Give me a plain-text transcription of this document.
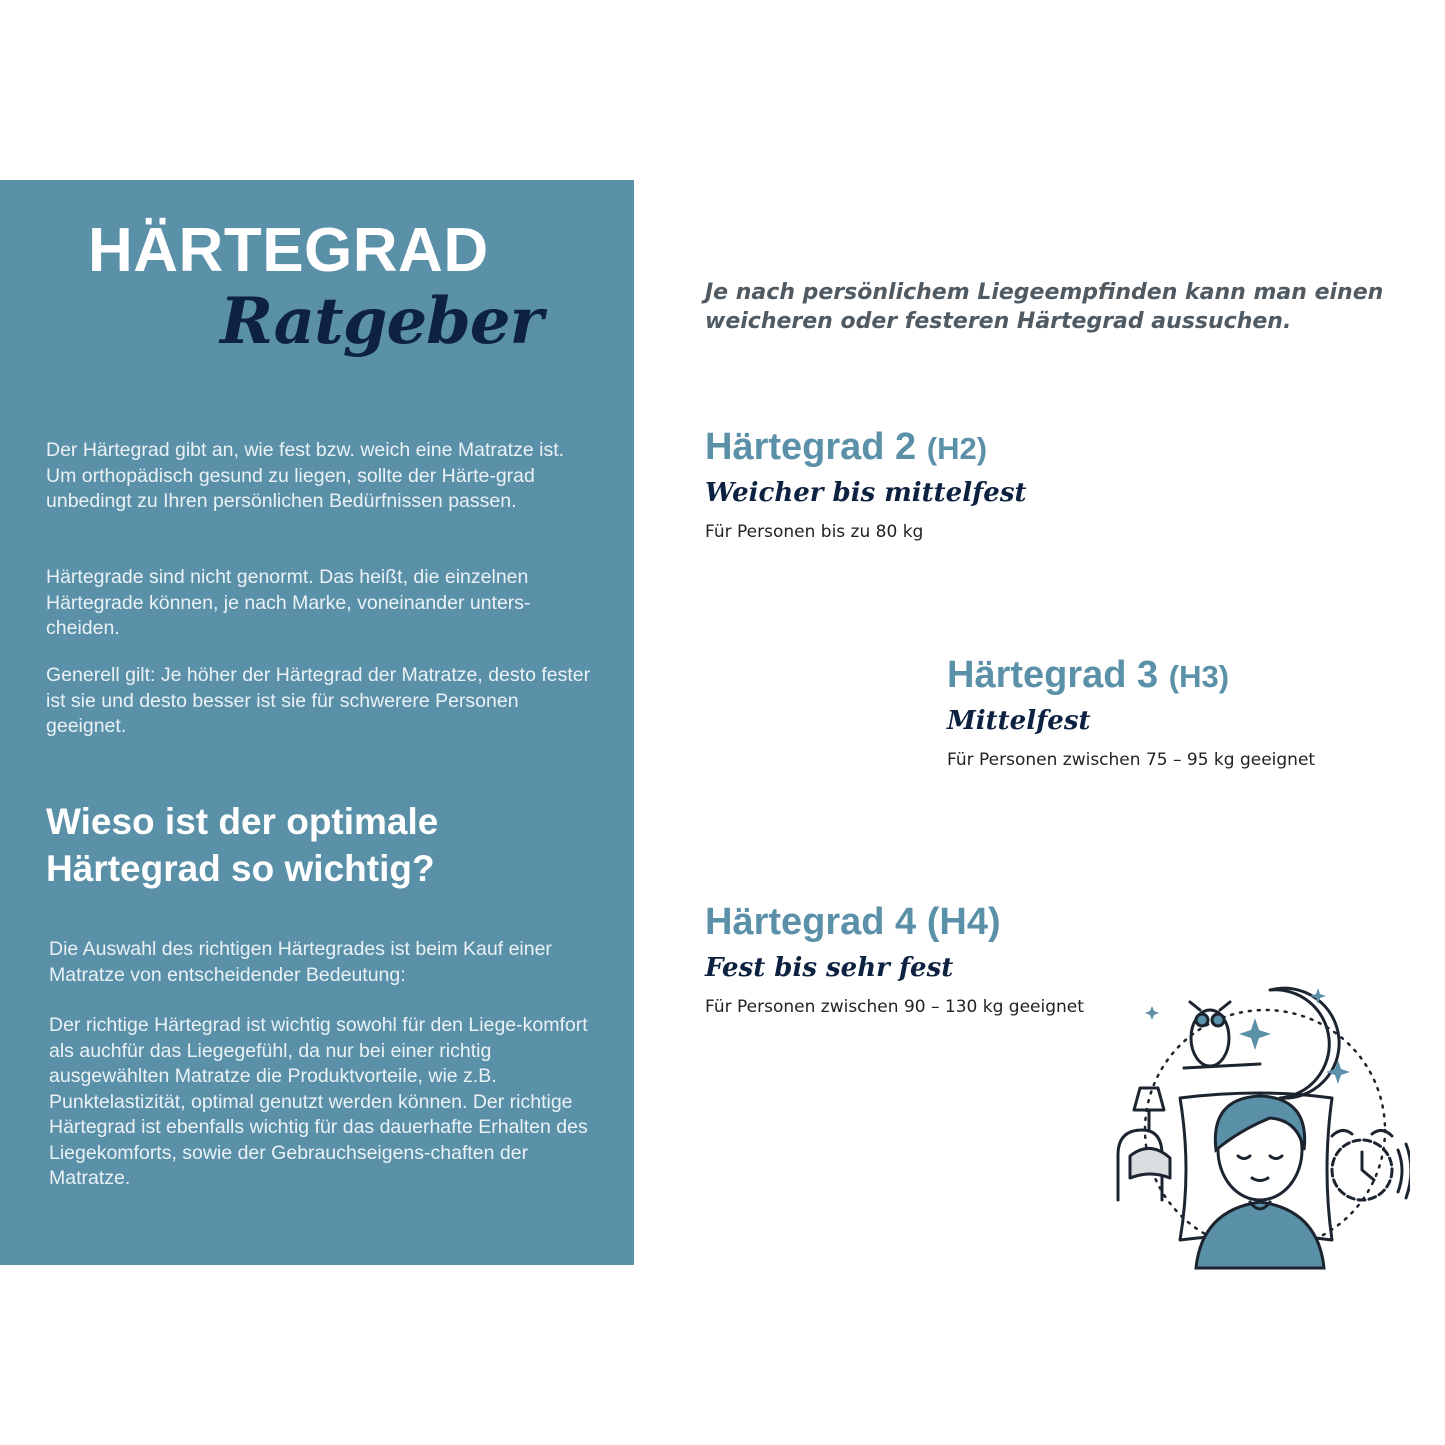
HÄRTEGRAD
Ratgeber

Der Härtegrad gibt an, wie fest bzw. weich eine Matratze ist. Um orthopädisch gesund zu liegen, sollte der Härte-grad unbedingt zu Ihren persönlichen Bedürfnissen passen.

Härtegrade sind nicht genormt. Das heißt, die einzelnen Härtegrade können, je nach Marke, voneinander unters-cheiden.

Generell gilt: Je höher der Härtegrad der Matratze, desto fester ist sie und desto besser ist sie für schwerere Personen geeignet.

Wieso ist der optimale Härtegrad so wichtig?

Die Auswahl des richtigen Härtegrades ist beim Kauf einer Matratze von entscheidender Bedeutung:

Der richtige Härtegrad ist wichtig sowohl für den Liege-komfort als auchfür das Liegegefühl, da nur bei einer richtig ausgewählten Matratze die Produktvorteile, wie z.B. Punktelastizität, optimal genutzt werden können. Der richtige Härtegrad ist ebenfalls wichtig für das dauerhafte Erhalten des Liegekomforts, sowie der Gebrauchseigens-chaften der Matratze.

Je nach persönlichem Liegeempfinden kann man einen weicheren oder festeren Härtegrad aussuchen.

Härtegrad 2 (H2)
Weicher bis mittelfest
Für Personen bis zu 80 kg
Härtegrad 3 (H3)
Mittelfest
Für Personen zwischen 75 – 95 kg geeignet
Härtegrad 4 (H4)
Fest bis sehr fest
Für Personen zwischen 90 – 130 kg geeignet
